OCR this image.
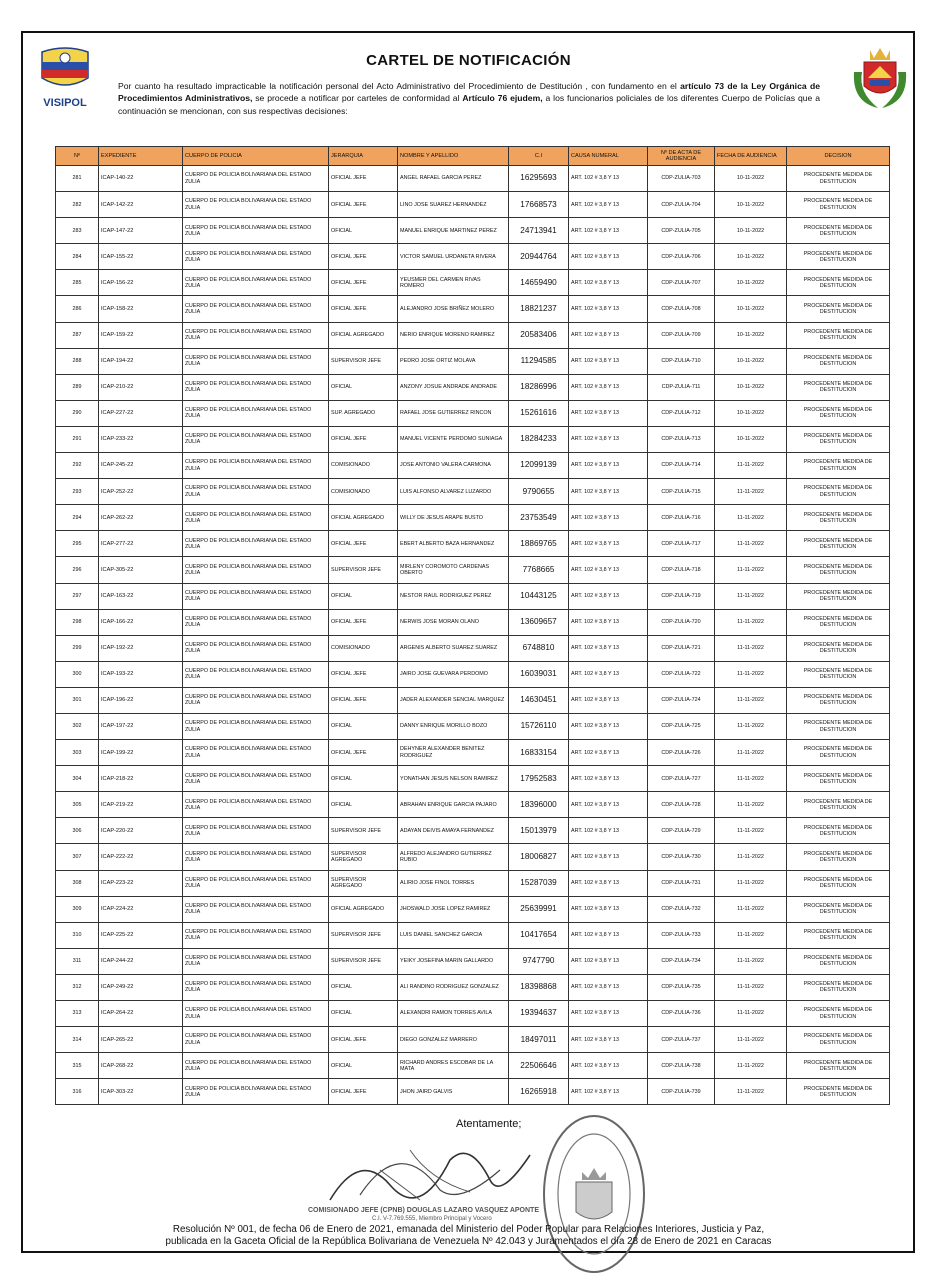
VISIPOL
CARTEL DE NOTIFICACIÓN
Por cuanto ha resultado impracticable la notificación personal del Acto Administrativo del Procedimiento de Destitución , con fundamento en el artículo 73 de la Ley Orgánica de Procedimientos Administrativos, se procede a notificar por carteles de conformidad al Artículo 76 ejudem, a los funcionarios policiales de los diferentes Cuerpo de Policías que a continuación se mencionan, con sus respectivas decisiones:
Nº	EXPEDIENTE	CUERPO DE POLICIA	JERARQUIA	NOMBRE Y APELLIDO	C.I	CAUSA NUMERAL	Nº DE ACTA DE AUDIENCIA	FECHA DE AUDIENCIA	DECISION
281	ICAP-140-22	CUERPO DE POLICIA BOLIVARIANA DEL ESTADO ZULIA	OFICIAL JEFE	ANGEL RAFAEL GARCIA PEREZ	16295693	ART. 102 # 3,8 Y 13	CDP-ZULIA-703	10-11-2022	PROCEDENTE MEDIDA DE DESTITUCION
282	ICAP-142-22	CUERPO DE POLICIA BOLIVARIANA DEL ESTADO ZULIA	OFICIAL JEFE	LINO JOSE SUAREZ HERNANDEZ	17668573	ART. 102 # 3,8 Y 13	CDP-ZULIA-704	10-11-2022	PROCEDENTE MEDIDA DE DESTITUCION
283	ICAP-147-22	CUERPO DE POLICIA BOLIVARIANA DEL ESTADO ZULIA	OFICIAL	MANUEL ENRIQUE MARTINEZ PEREZ	24713941	ART. 102 # 3,8 Y 13	CDP-ZULIA-705	10-11-2022	PROCEDENTE MEDIDA DE DESTITUCION
284	ICAP-155-22	CUERPO DE POLICIA BOLIVARIANA DEL ESTADO ZULIA	OFICIAL JEFE	VICTOR SAMUEL URDANETA RIVERA	20944764	ART. 102 # 3,8 Y 13	CDP-ZULIA-706	10-11-2022	PROCEDENTE MEDIDA DE DESTITUCION
285	ICAP-156-22	CUERPO DE POLICIA BOLIVARIANA DEL ESTADO ZULIA	OFICIAL JEFE	YEUSMER DEL CARMEN RIVAS ROMERO	14659490	ART. 102 # 3,8 Y 13	CDP-ZULIA-707	10-11-2022	PROCEDENTE MEDIDA DE DESTITUCION
286	ICAP-158-22	CUERPO DE POLICIA BOLIVARIANA DEL ESTADO ZULIA	OFICIAL JEFE	ALEJANDRO JOSE BRIÑEZ MOLERO	18821237	ART. 102 # 3,8 Y 13	CDP-ZULIA-708	10-11-2022	PROCEDENTE MEDIDA DE DESTITUCION
287	ICAP-159-22	CUERPO DE POLICIA BOLIVARIANA DEL ESTADO ZULIA	OFICIAL AGREGADO	NERIO ENRIQUE MORENO RAMIREZ	20583406	ART. 102 # 3,8 Y 13	CDP-ZULIA-709	10-11-2022	PROCEDENTE MEDIDA DE DESTITUCION
288	ICAP-194-22	CUERPO DE POLICIA BOLIVARIANA DEL ESTADO ZULIA	SUPERVISOR JEFE	PEDRO JOSE ORTIZ MOLAVA	11294585	ART. 102 # 3,8 Y 13	CDP-ZULIA-710	10-11-2022	PROCEDENTE MEDIDA DE DESTITUCION
289	ICAP-210-22	CUERPO DE POLICIA BOLIVARIANA DEL ESTADO ZULIA	OFICIAL	ANZONY JOSUE ANDRADE ANDRADE	18286996	ART. 102 # 3,8 Y 13	CDP-ZULIA-711	10-11-2022	PROCEDENTE MEDIDA DE DESTITUCION
290	ICAP-227-22	CUERPO DE POLICIA BOLIVARIANA DEL ESTADO ZULIA	SUP. AGREGADO	RAFAEL JOSE GUTIERREZ RINCON	15261616	ART. 102 # 3,8 Y 13	CDP-ZULIA-712	10-11-2022	PROCEDENTE MEDIDA DE DESTITUCION
291	ICAP-233-22	CUERPO DE POLICIA BOLIVARIANA DEL ESTADO ZULIA	OFICIAL JEFE	MANUEL VICENTE PERDOMO SUNIAGA	18284233	ART. 102 # 3,8 Y 13	CDP-ZULIA-713	10-11-2022	PROCEDENTE MEDIDA DE DESTITUCION
292	ICAP-245-22	CUERPO DE POLICIA BOLIVARIANA DEL ESTADO ZULIA	COMISIONADO	JOSE ANTONIO VALERA CARMONA	12099139	ART. 102 # 3,8 Y 13	CDP-ZULIA-714	11-11-2022	PROCEDENTE MEDIDA DE DESTITUCION
293	ICAP-252-22	CUERPO DE POLICIA BOLIVARIANA DEL ESTADO ZULIA	COMISIONADO	LUIS ALFONSO ALVAREZ LUZARDO	9790655	ART. 102 # 3,8 Y 13	CDP-ZULIA-715	11-11-2022	PROCEDENTE MEDIDA DE DESTITUCION
294	ICAP-262-22	CUERPO DE POLICIA BOLIVARIANA DEL ESTADO ZULIA	OFICIAL AGREGADO	WILLY DE JESUS ARAPE BUSTO	23753549	ART. 102 # 3,8 Y 13	CDP-ZULIA-716	11-11-2022	PROCEDENTE MEDIDA DE DESTITUCION
295	ICAP-277-22	CUERPO DE POLICIA BOLIVARIANA DEL ESTADO ZULIA	OFICIAL JEFE	EBERT ALBERTO BAZA HERNANDEZ	18869765	ART. 102 # 3,8 Y 13	CDP-ZULIA-717	11-11-2022	PROCEDENTE MEDIDA DE DESTITUCION
296	ICAP-305-22	CUERPO DE POLICIA BOLIVARIANA DEL ESTADO ZULIA	SUPERVISOR JEFE	MIRLENY COROMOTO CARDENAS OBERTO	7768665	ART. 102 # 3,8 Y 13	CDP-ZULIA-718	11-11-2022	PROCEDENTE MEDIDA DE DESTITUCION
297	ICAP-163-22	CUERPO DE POLICIA BOLIVARIANA DEL ESTADO ZULIA	OFICIAL	NESTOR RAUL RODRIGUEZ PEREZ	10443125	ART. 102 # 3,8 Y 13	CDP-ZULIA-719	11-11-2022	PROCEDENTE MEDIDA DE DESTITUCION
298	ICAP-166-22	CUERPO DE POLICIA BOLIVARIANA DEL ESTADO ZULIA	OFICIAL JEFE	NERWIS JOSE MORAN OLANO	13609657	ART. 102 # 3,8 Y 13	CDP-ZULIA-720	11-11-2022	PROCEDENTE MEDIDA DE DESTITUCION
299	ICAP-192-22	CUERPO DE POLICIA BOLIVARIANA DEL ESTADO ZULIA	COMISIONADO	ARGENIS ALBERTO SUAREZ SUAREZ	6748810	ART. 102 # 3,8 Y 13	CDP-ZULIA-721	11-11-2022	PROCEDENTE MEDIDA DE DESTITUCION
300	ICAP-193-22	CUERPO DE POLICIA BOLIVARIANA DEL ESTADO ZULIA	OFICIAL JEFE	JAIRO JOSE GUEVARA PERDOMO	16039031	ART. 102 # 3,8 Y 13	CDP-ZULIA-722	11-11-2022	PROCEDENTE MEDIDA DE DESTITUCION
301	ICAP-196-22	CUERPO DE POLICIA BOLIVARIANA DEL ESTADO ZULIA	OFICIAL JEFE	JADER ALEXANDER SENCIAL MARQUEZ	14630451	ART. 102 # 3,8 Y 13	CDP-ZULIA-724	11-11-2022	PROCEDENTE MEDIDA DE DESTITUCION
302	ICAP-197-22	CUERPO DE POLICIA BOLIVARIANA DEL ESTADO ZULIA	OFICIAL	DANNY ENRIQUE MORILLO BOZO	15726110	ART. 102 # 3,8 Y 13	CDP-ZULIA-725	11-11-2022	PROCEDENTE MEDIDA DE DESTITUCION
303	ICAP-199-22	CUERPO DE POLICIA BOLIVARIANA DEL ESTADO ZULIA	OFICIAL JEFE	DEHYNER ALEXANDER BENITEZ RODRIGUEZ	16833154	ART. 102 # 3,8 Y 13	CDP-ZULIA-726	11-11-2022	PROCEDENTE MEDIDA DE DESTITUCION
304	ICAP-218-22	CUERPO DE POLICIA BOLIVARIANA DEL ESTADO ZULIA	OFICIAL	YONATHAN JESUS NELSON RAMIREZ	17952583	ART. 102 # 3,8 Y 13	CDP-ZULIA-727	11-11-2022	PROCEDENTE MEDIDA DE DESTITUCION
305	ICAP-219-22	CUERPO DE POLICIA BOLIVARIANA DEL ESTADO ZULIA	OFICIAL	ABRAHAN ENRIQUE GARCIA PAJARO	18396000	ART. 102 # 3,8 Y 13	CDP-ZULIA-728	11-11-2022	PROCEDENTE MEDIDA DE DESTITUCION
306	ICAP-220-22	CUERPO DE POLICIA BOLIVARIANA DEL ESTADO ZULIA	SUPERVISOR JEFE	ADAYAN DEIVIS AMAYA FERNANDEZ	15013979	ART. 102 # 3,8 Y 13	CDP-ZULIA-729	11-11-2022	PROCEDENTE MEDIDA DE DESTITUCION
307	ICAP-222-22	CUERPO DE POLICIA BOLIVARIANA DEL ESTADO ZULIA	SUPERVISOR AGREGADO	ALFREDO ALEJANDRO GUTIERREZ RUBIO	18006827	ART. 102 # 3,8 Y 13	CDP-ZULIA-730	11-11-2022	PROCEDENTE MEDIDA DE DESTITUCION
308	ICAP-223-22	CUERPO DE POLICIA BOLIVARIANA DEL ESTADO ZULIA	SUPERVISOR AGREGADO	ALIRIO JOSE FINOL TORRES	15287039	ART. 102 # 3,8 Y 13	CDP-ZULIA-731	11-11-2022	PROCEDENTE MEDIDA DE DESTITUCION
309	ICAP-224-22	CUERPO DE POLICIA BOLIVARIANA DEL ESTADO ZULIA	OFICIAL AGREGADO	JHOSWALD JOSE LOPEZ RAMIREZ	25639991	ART. 102 # 3,8 Y 13	CDP-ZULIA-732	11-11-2022	PROCEDENTE MEDIDA DE DESTITUCION
310	ICAP-225-22	CUERPO DE POLICIA BOLIVARIANA DEL ESTADO ZULIA	SUPERVISOR JEFE	LUIS DANIEL SANCHEZ GARCIA	10417654	ART. 102 # 3,8 Y 13	CDP-ZULIA-733	11-11-2022	PROCEDENTE MEDIDA DE DESTITUCION
311	ICAP-244-22	CUERPO DE POLICIA BOLIVARIANA DEL ESTADO ZULIA	SUPERVISOR JEFE	YEIKY JOSEFINA MARIN GALLARDO	9747790	ART. 102 # 3,8 Y 13	CDP-ZULIA-734	11-11-2022	PROCEDENTE MEDIDA DE DESTITUCION
312	ICAP-249-22	CUERPO DE POLICIA BOLIVARIANA DEL ESTADO ZULIA	OFICIAL	ALI RANDINO RODRIGUEZ GONZALEZ	18398868	ART. 102 # 3,8 Y 13	CDP-ZULIA-735	11-11-2022	PROCEDENTE MEDIDA DE DESTITUCION
313	ICAP-264-22	CUERPO DE POLICIA BOLIVARIANA DEL ESTADO ZULIA	OFICIAL	ALEXANDRI RAMON TORRES AVILA	19394637	ART. 102 # 3,8 Y 13	CDP-ZULIA-736	11-11-2022	PROCEDENTE MEDIDA DE DESTITUCION
314	ICAP-265-22	CUERPO DE POLICIA BOLIVARIANA DEL ESTADO ZULIA	OFICIAL JEFE	DIEGO GONZALEZ MARRERO	18497011	ART. 102 # 3,8 Y 13	CDP-ZULIA-737	11-11-2022	PROCEDENTE MEDIDA DE DESTITUCION
315	ICAP-268-22	CUERPO DE POLICIA BOLIVARIANA DEL ESTADO ZULIA	OFICIAL	RICHARD ANDRES ESCOBAR DE LA MATA	22506646	ART. 102 # 3,8 Y 13	CDP-ZULIA-738	11-11-2022	PROCEDENTE MEDIDA DE DESTITUCION
316	ICAP-303-22	CUERPO DE POLICIA BOLIVARIANA DEL ESTADO ZULIA	OFICIAL JEFE	JHON JAIRD GALVIS	16265918	ART. 102 # 3,8 Y 13	CDP-ZULIA-739	11-11-2022	PROCEDENTE MEDIDA DE DESTITUCION
Atentamente;
COMISIONADO JEFE (CPNB) DOUGLAS LAZARO VASQUEZ APONTE
C.I. V-7.769.555, Miembro Principal y Vocero
Resolución Nº 001, de fecha 06 de Enero de 2021, emanada del Ministerio del Poder Popular para Relaciones Interiores, Justicia y Paz,
publicada en la Gaceta Oficial de la República Bolivariana de Venezuela Nº 42.043 y Juramentados el día 28 de Enero de 2021 en Caracas
